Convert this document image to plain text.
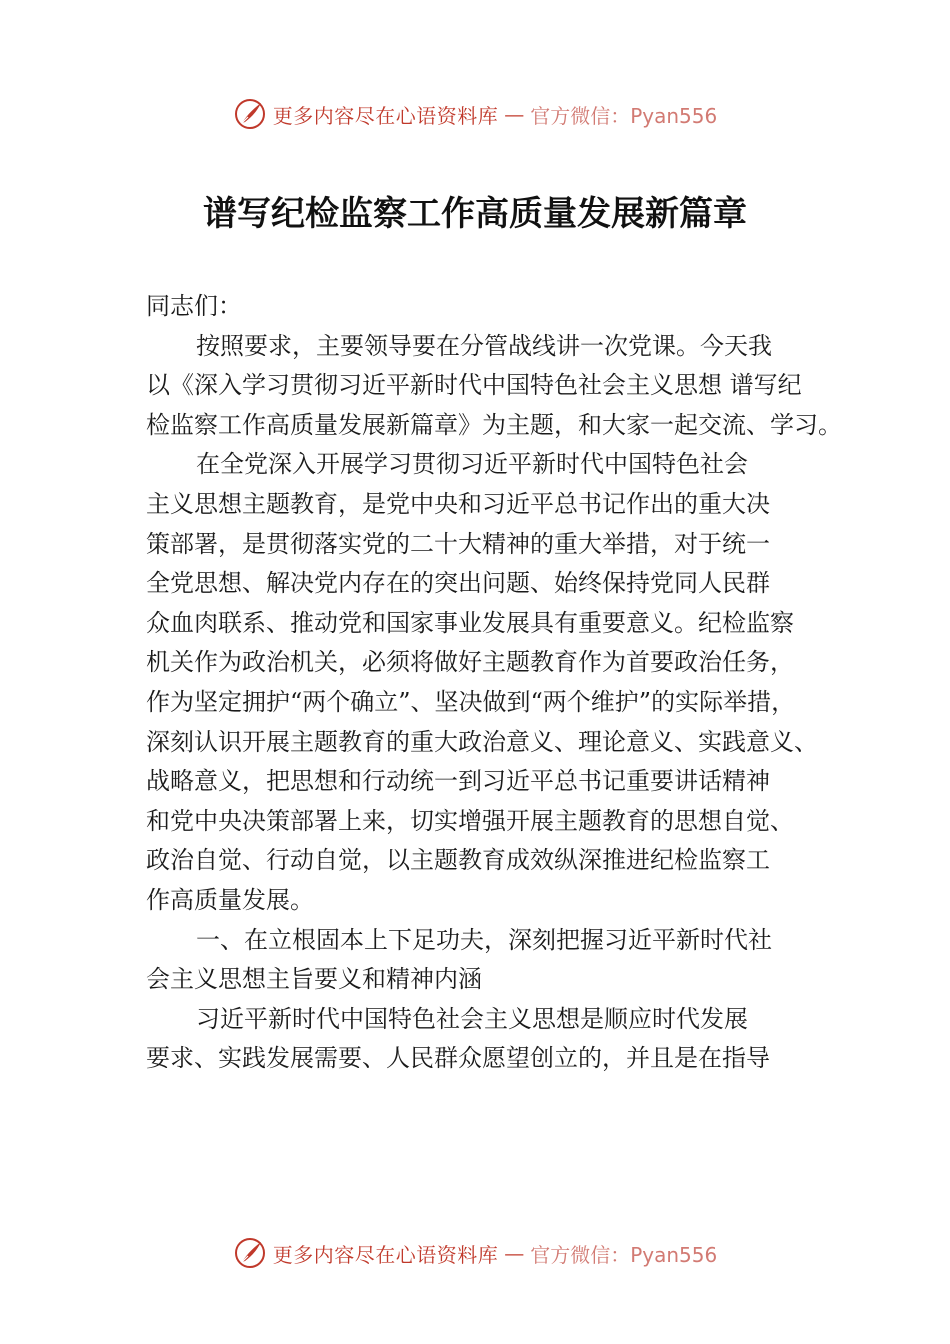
更多内容尽在心语资料库 — 官方微信：Pyan556
谱写纪检监察工作高质量发展新篇章
同志们：
按照要求，主要领导要在分管战线讲一次党课。今天我
以《深入学习贯彻习近平新时代中国特色社会主义思想 谱写纪
检监察工作高质量发展新篇章》为主题，和大家一起交流、学习。
在全党深入开展学习贯彻习近平新时代中国特色社会
主义思想主题教育，是党中央和习近平总书记作出的重大决
策部署，是贯彻落实党的二十大精神的重大举措，对于统一
全党思想、解决党内存在的突出问题、始终保持党同人民群
众血肉联系、推动党和国家事业发展具有重要意义。纪检监察
机关作为政治机关，必须将做好主题教育作为首要政治任务，
作为坚定拥护“两个确立”、坚决做到“两个维护”的实际举措，
深刻认识开展主题教育的重大政治意义、理论意义、实践意义、
战略意义，把思想和行动统一到习近平总书记重要讲话精神
和党中央决策部署上来，切实增强开展主题教育的思想自觉、
政治自觉、行动自觉，以主题教育成效纵深推进纪检监察工
作高质量发展。
一、在立根固本上下足功夫，深刻把握习近平新时代社
会主义思想主旨要义和精神内涵
习近平新时代中国特色社会主义思想是顺应时代发展
要求、实践发展需要、人民群众愿望创立的，并且是在指导
更多内容尽在心语资料库 — 官方微信：Pyan556
